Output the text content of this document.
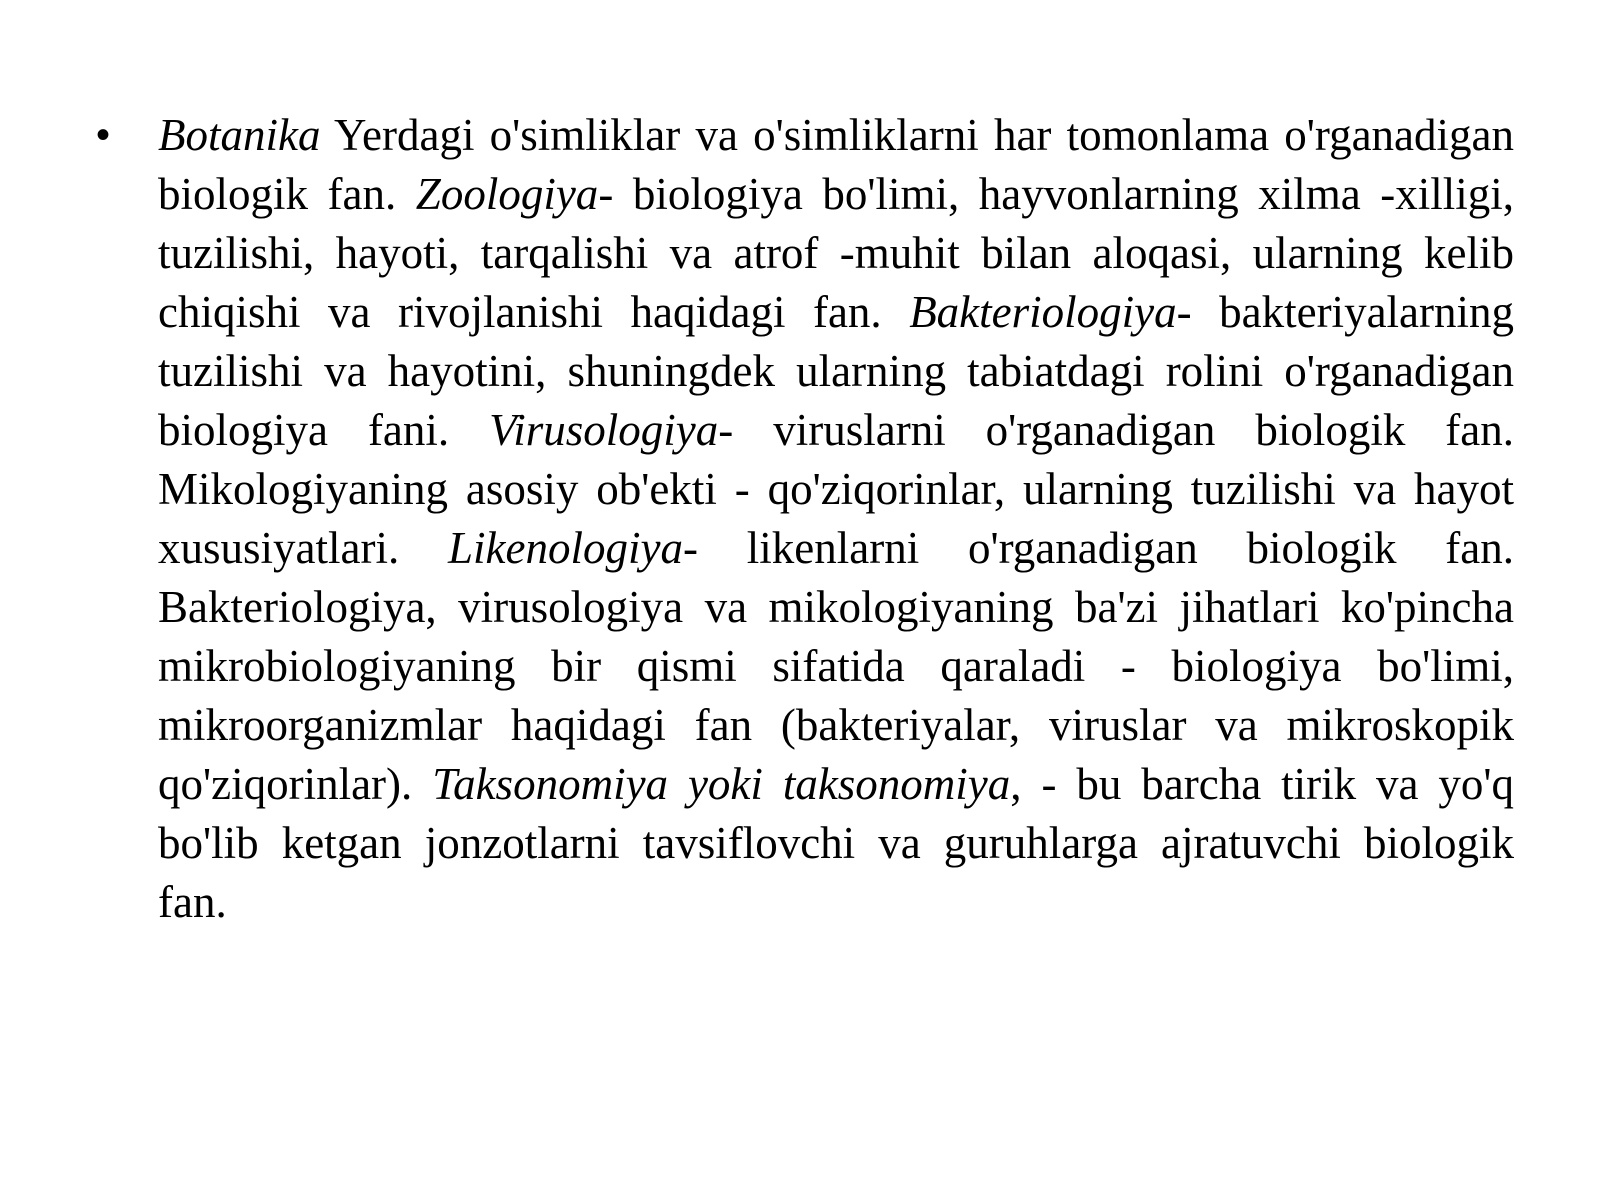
• Botanika Yerdagi o'simliklar va o'simliklarni har tomonlama o'rganadigan biologik fan. Zoologiya- biologiya bo'limi, hayvonlarning xilma -xilligi, tuzilishi, hayoti, tarqalishi va atrof -muhit bilan aloqasi, ularning kelib chiqishi va rivojlanishi haqidagi fan. Bakteriologiya- bakteriyalarning tuzilishi va hayotini, shuningdek ularning tabiatdagi rolini o'rganadigan biologiya fani. Virusologiya- viruslarni o'rganadigan biologik fan. Mikologiyaning asosiy ob'ekti - qo'ziqorinlar, ularning tuzilishi va hayot xususiyatlari. Likenologiya- likenlarni o'rganadigan biologik fan. Bakteriologiya, virusologiya va mikologiyaning ba'zi jihatlari ko'pincha mikrobiologiyaning bir qismi sifatida qaraladi - biologiya bo'limi, mikroorganizmlar haqidagi fan (bakteriyalar, viruslar va mikroskopik qo'ziqorinlar). Taksonomiya yoki taksonomiya, - bu barcha tirik va yo'q bo'lib ketgan jonzotlarni tavsiflovchi va guruhlarga ajratuvchi biologik fan.
